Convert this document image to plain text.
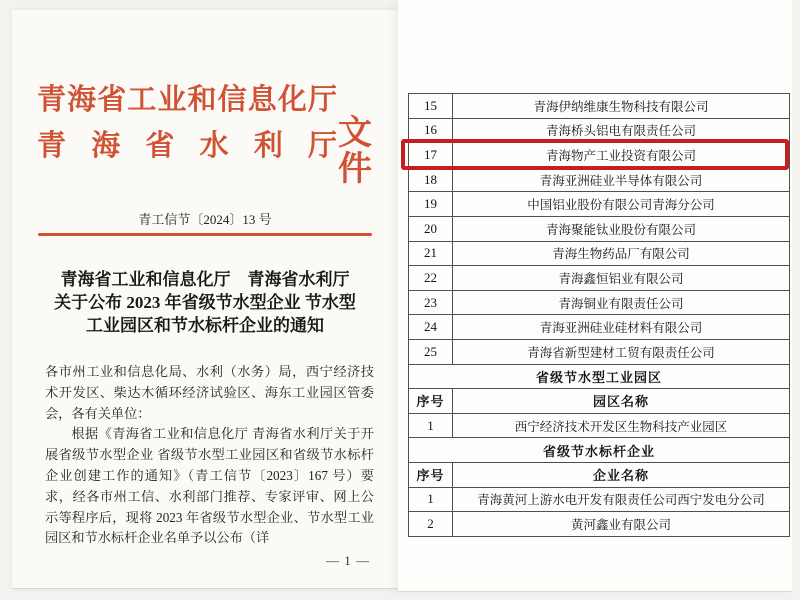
青海省工业和信息化厅
青海省水利厅 文件
青工信节〔2024〕13 号
青海省工业和信息化厅　青海省水利厅
关于公布 2023 年省级节水型企业 节水型
工业园区和节水标杆企业的通知

各市州工业和信息化局、水利（水务）局，西宁经济技术开发区、柴达木循环经济试验区、海东工业园区管委会，各有关单位：

根据《青海省工业和信息化厅 青海省水利厅关于开展省级节水型企业 省级节水型工业园区和省级节水标杆企业创建工作的通知》（青工信节〔2023〕167 号）要求，经各市州工信、水利部门推荐、专家评审、网上公示等程序后，现将 2023 年省级节水型企业、节水型工业园区和节水标杆企业名单予以公布（详

— 1 —
15	青海伊纳维康生物科技有限公司
16	青海桥头铝电有限责任公司
17	青海物产工业投资有限公司
18	青海亚洲硅业半导体有限公司
19	中国铝业股份有限公司青海分公司
20	青海聚能钛业股份有限公司
21	青海生物药品厂有限公司
22	青海鑫恒铝业有限公司
23	青海铜业有限责任公司
24	青海亚洲硅业硅材料有限公司
25	青海省新型建材工贸有限责任公司
省级节水型工业园区	
序号	园区名称
1	西宁经济技术开发区生物科技产业园区
省级节水标杆企业	
序号	企业名称
1	青海黄河上游水电开发有限责任公司西宁发电分公司
2	黄河鑫业有限公司
